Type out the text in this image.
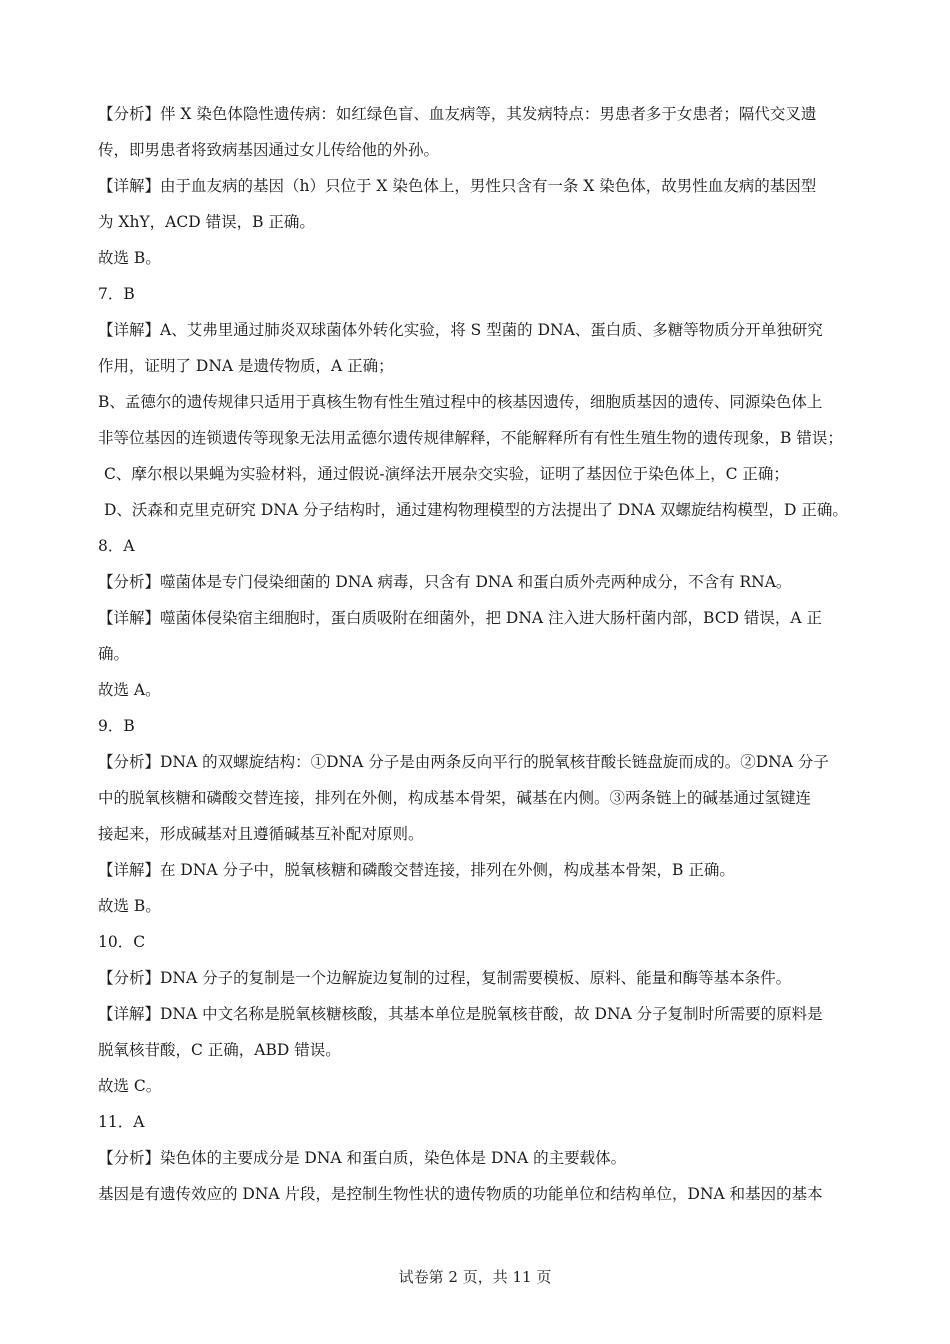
【分析】伴 X 染色体隐性遗传病：如红绿色盲、血友病等，其发病特点：男患者多于女患者；隔代交叉遗
传，即男患者将致病基因通过女儿传给他的外孙。
【详解】由于血友病的基因（h）只位于 X 染色体上，男性只含有一条 X 染色体，故男性血友病的基因型
为 XhY，ACD 错误，B 正确。
故选 B。
7．B
【详解】A、艾弗里通过肺炎双球菌体外转化实验，将 S 型菌的 DNA、蛋白质、多糖等物质分开单独研究
作用，证明了 DNA 是遗传物质，A 正确；
B、孟德尔的遗传规律只适用于真核生物有性生殖过程中的核基因遗传，细胞质基因的遗传、同源染色体上
非等位基因的连锁遗传等现象无法用孟德尔遗传规律解释，不能解释所有有性生殖生物的遗传现象，B 错误；
C、摩尔根以果蝇为实验材料，通过假说-演绎法开展杂交实验，证明了基因位于染色体上，C 正确；
D、沃森和克里克研究 DNA 分子结构时，通过建构物理模型的方法提出了 DNA 双螺旋结构模型，D 正确。
8．A
【分析】噬菌体是专门侵染细菌的 DNA 病毒，只含有 DNA 和蛋白质外壳两种成分，不含有 RNA。
【详解】噬菌体侵染宿主细胞时，蛋白质吸附在细菌外，把 DNA 注入进大肠杆菌内部，BCD 错误，A 正
确。
故选 A。
9．B
【分析】DNA 的双螺旋结构：①DNA 分子是由两条反向平行的脱氧核苷酸长链盘旋而成的。②DNA 分子
中的脱氧核糖和磷酸交替连接，排列在外侧，构成基本骨架，碱基在内侧。③两条链上的碱基通过氢键连
接起来，形成碱基对且遵循碱基互补配对原则。
【详解】在 DNA 分子中，脱氧核糖和磷酸交替连接，排列在外侧，构成基本骨架，B 正确。
故选 B。
10．C
【分析】DNA 分子的复制是一个边解旋边复制的过程，复制需要模板、原料、能量和酶等基本条件。
【详解】DNA 中文名称是脱氧核糖核酸，其基本单位是脱氧核苷酸，故 DNA 分子复制时所需要的原料是
脱氧核苷酸，C 正确，ABD 错误。
故选 C。
11．A
【分析】染色体的主要成分是 DNA 和蛋白质，染色体是 DNA 的主要载体。
基因是有遗传效应的 DNA 片段，是控制生物性状的遗传物质的功能单位和结构单位，DNA 和基因的基本
试卷第 2 页，共 11 页
